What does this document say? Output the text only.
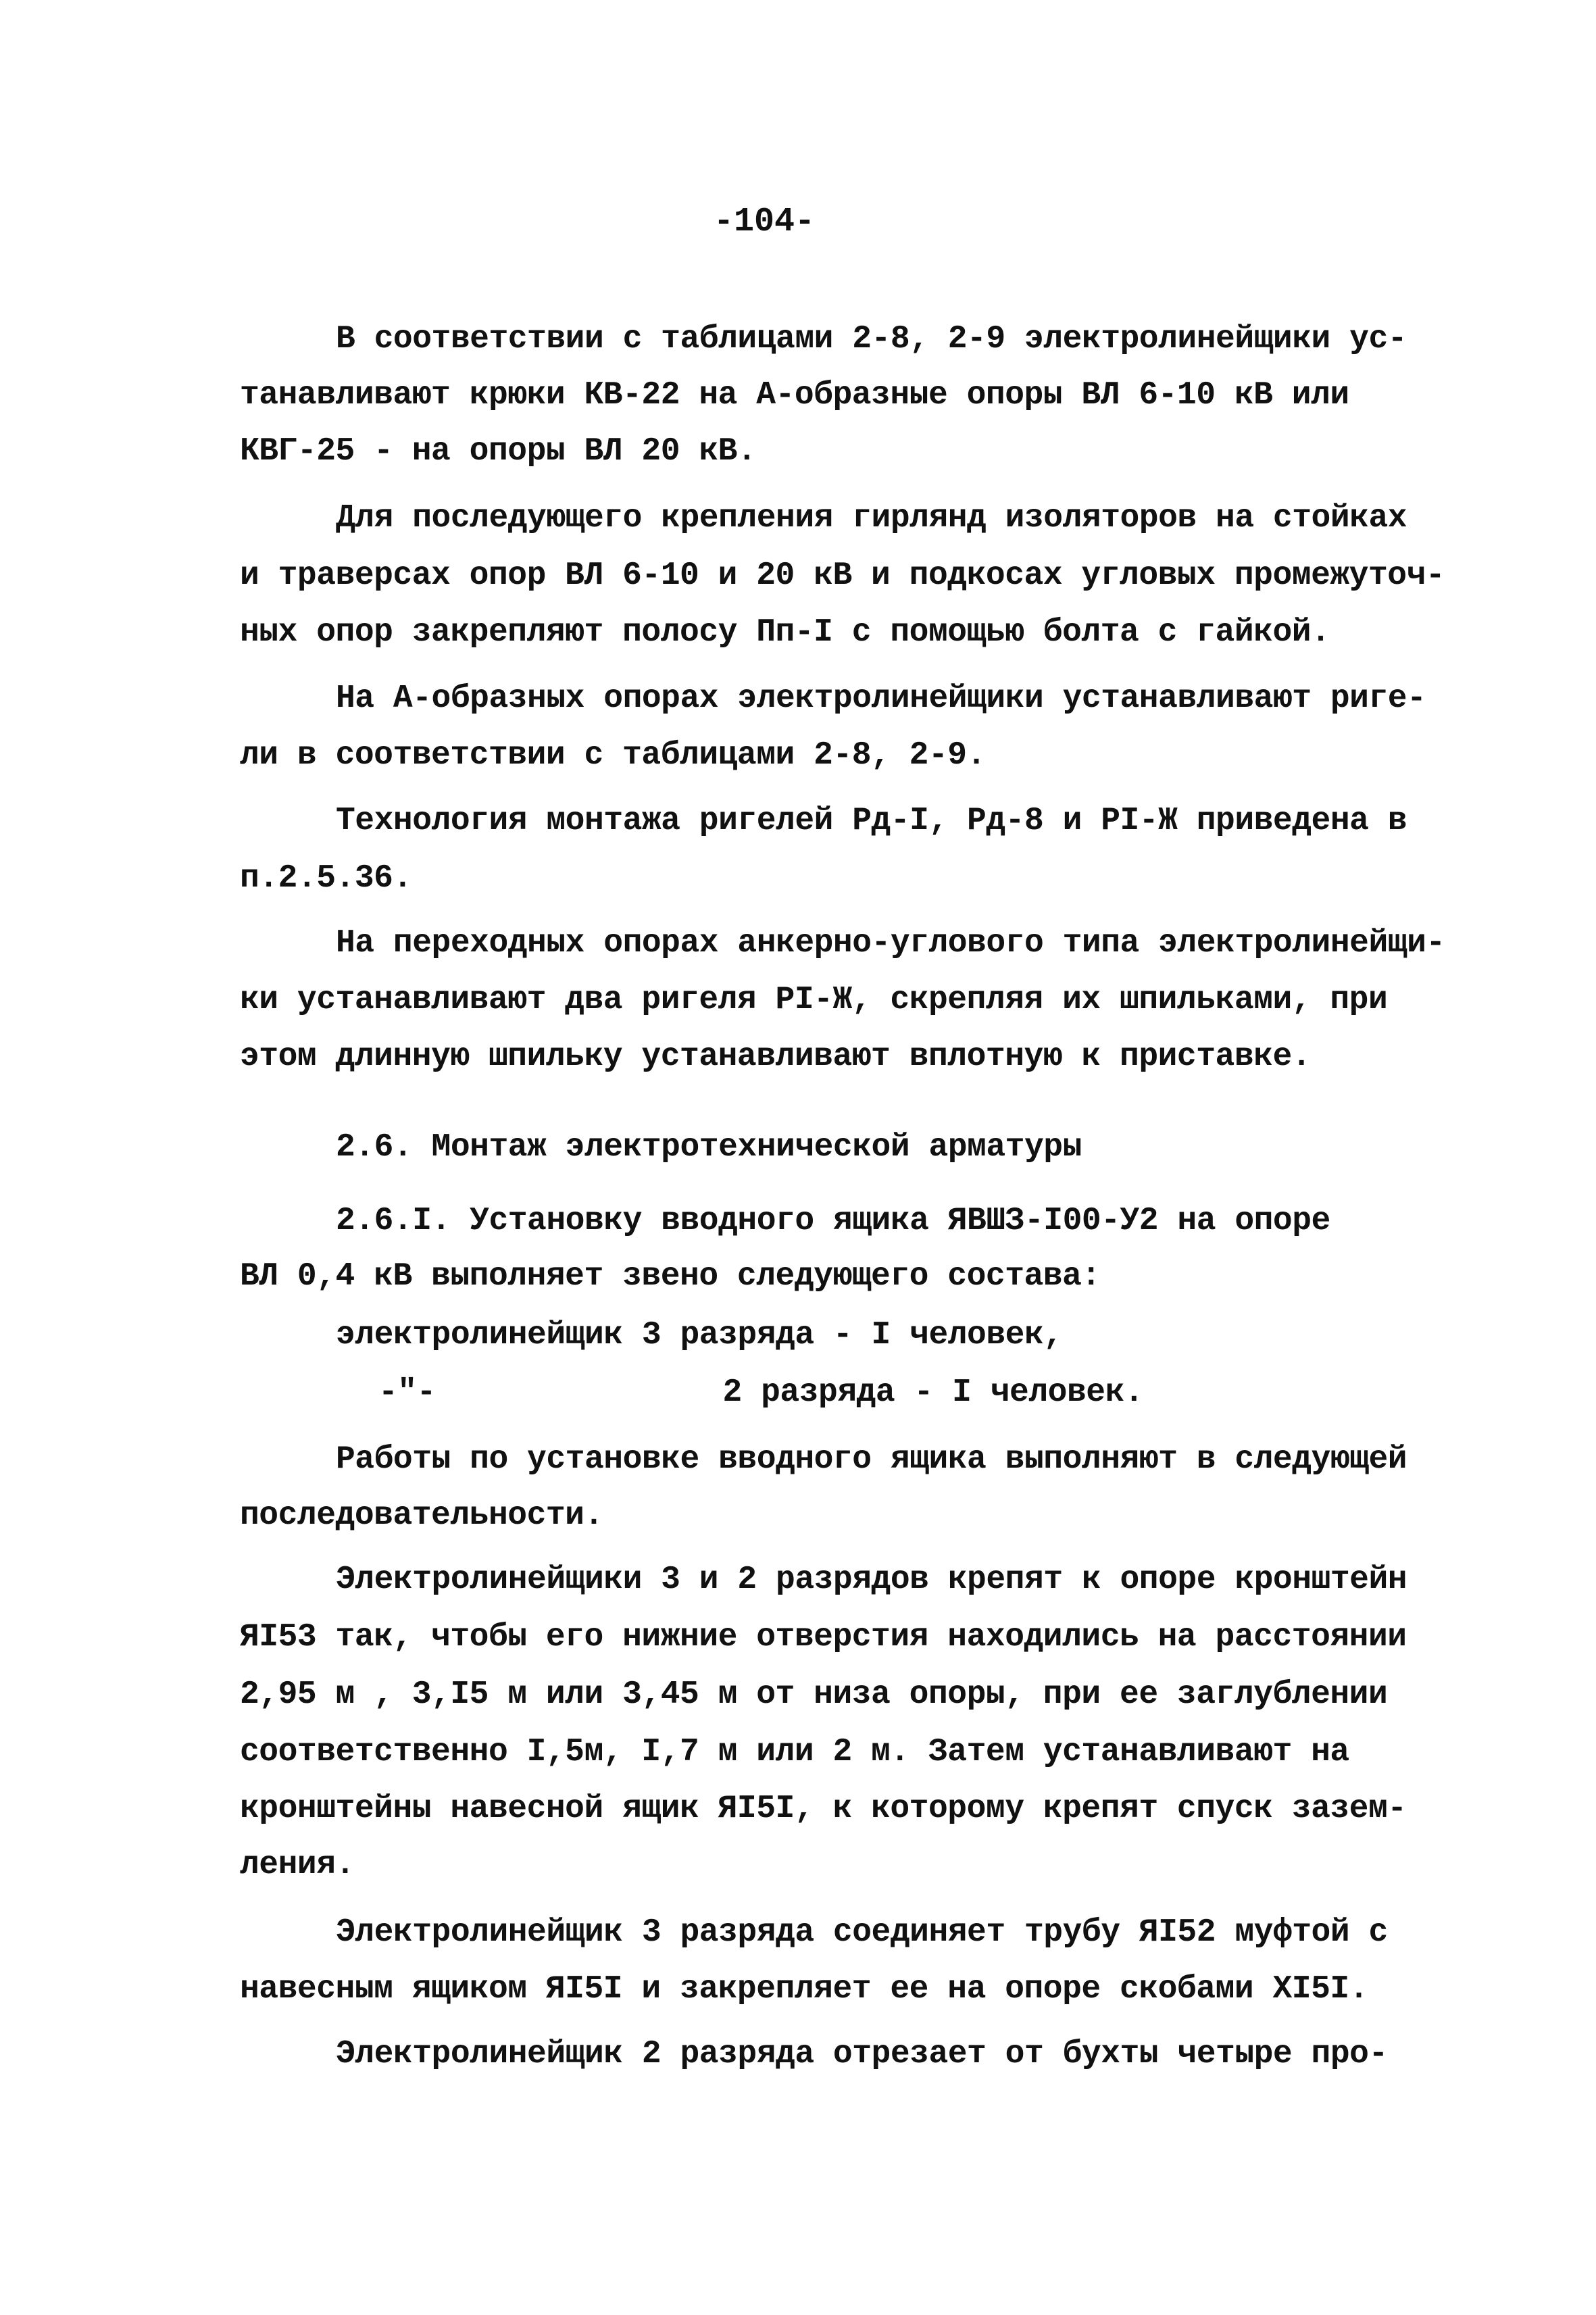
-104-
В соответствии с таблицами 2-8, 2-9 электролинейщики ус-
танавливают крюки КВ-22 на А-образные опоры ВЛ 6-10 кВ или
КВГ-25 - на опоры ВЛ 20 кВ.
Для последующего крепления гирлянд изоляторов на стойках
и траверсах опор ВЛ 6-10 и 20 кВ и подкосах угловых промежуточ-
ных опор закрепляют полосу Пп-I с помощью болта с гайкой.
На А-образных опорах электролинейщики устанавливают риге-
ли в соответствии с таблицами 2-8, 2-9.
Технология монтажа ригелей Рд-I, Рд-8 и РI-Ж приведена в
п.2.5.36.
На переходных опорах анкерно-углового типа электролинейщи-
ки устанавливают два ригеля РI-Ж, скрепляя их шпильками, при
этом длинную шпильку устанавливают вплотную к приставке.
2.6. Монтаж электротехнической арматуры
2.6.I. Установку вводного ящика ЯВШЗ-I00-У2 на опоре
ВЛ 0,4 кВ выполняет звено следующего состава:
электролинейщик 3 разряда - I человек,
-"-               2 разряда - I человек.
Работы по установке вводного ящика выполняют в следующей
последовательности.
Электролинейщики 3 и 2 разрядов крепят к опоре кронштейн
ЯI53 так, чтобы его нижние отверстия находились на расстоянии
2,95 м , 3,I5 м или 3,45 м от низа опоры, при ее заглублении
соответственно I,5м, I,7 м или 2 м. Затем устанавливают на
кронштейны навесной ящик ЯI5I, к которому крепят спуск зазем-
ления.
Электролинейщик 3 разряда соединяет трубу ЯI52 муфтой с
навесным ящиком ЯI5I и закрепляет ее на опоре скобами ХI5I.
Электролинейщик 2 разряда отрезает от бухты четыре про-
